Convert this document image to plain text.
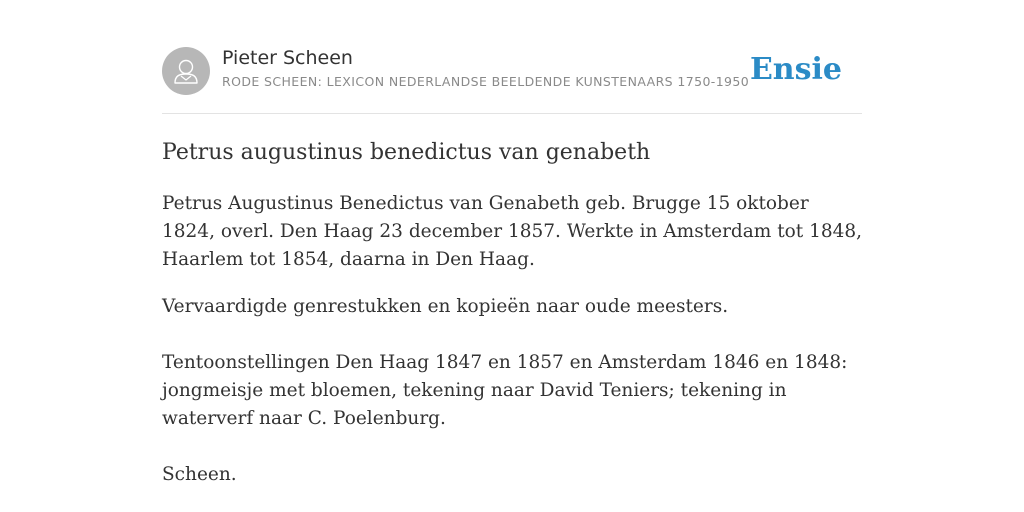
Pieter Scheen
RODE SCHEEN: LEXICON NEDERLANDSE BEELDENDE KUNSTENAARS 1750-1950 Ensie
Petrus augustinus benedictus van genabeth

Petrus Augustinus Benedictus van Genabeth geb. Brugge 15 oktober 1824, overl. Den Haag 23 december 1857. Werkte in Amsterdam tot 1848, Haarlem tot 1854, daarna in Den Haag.

Vervaardigde genrestukken en kopieën naar oude meesters.

Tentoonstellingen Den Haag 1847 en 1857 en Amsterdam 1846 en 1848: jongmeisje met bloemen, tekening naar David Teniers; tekening in waterverf naar C. Poelenburg.

Scheen.
